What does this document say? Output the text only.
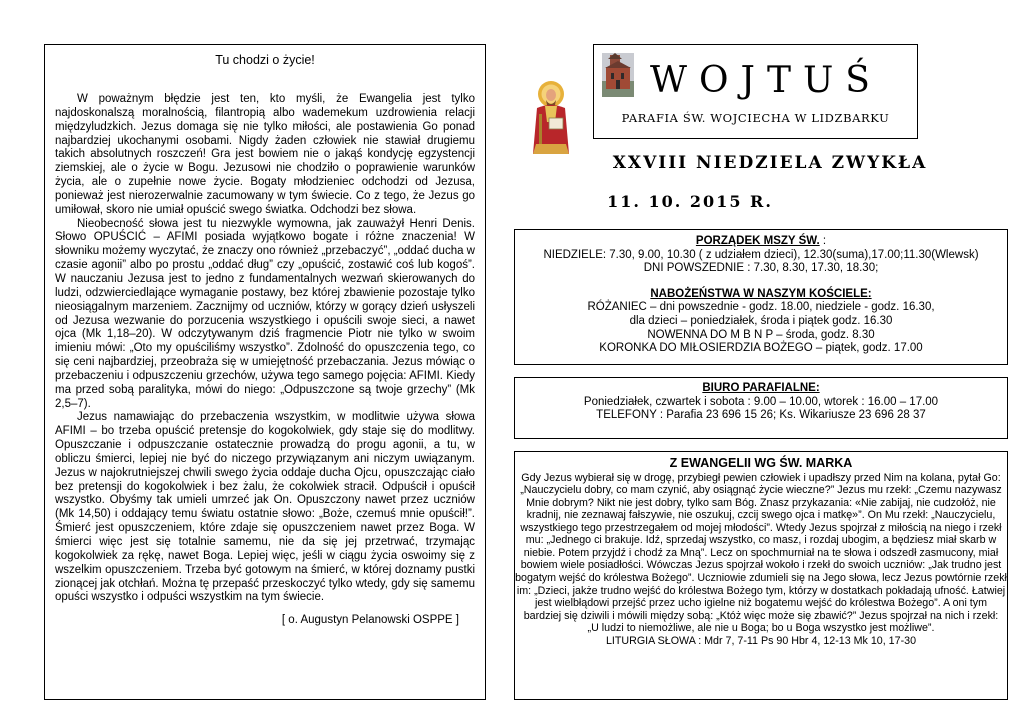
Tu chodzi o życie!

W poważnym błędzie jest ten, kto myśli, że Ewangelia jest tylko najdoskonalszą moralnością, filantropią albo wademekum uzdrowienia relacji międzyludzkich. Jezus domaga się nie tylko miłości, ale postawienia Go ponad najbardziej ukochanymi osobami. Nigdy żaden człowiek nie stawiał drugiemu takich absolutnych roszczeń! Gra jest bowiem nie o jakąś kondycję egzystencji ziemskiej, ale o życie w Bogu. Jezusowi nie chodziło o poprawienie warunków życia, ale o zupełnie nowe życie. Bogaty młodzieniec odchodzi od Jezusa, ponieważ jest nierozerwalnie zacumowany w tym świecie. Co z tego, że Jezus go umiłował, skoro nie umiał opuścić swego światka. Odchodzi bez słowa.

Nieobecność słowa jest tu niezwykle wymowna, jak zauważył Henri Denis. Słowo OPUŚCIĆ – AFIMI posiada wyjątkowo bogate i różne znaczenia! W słowniku możemy wyczytać, że znaczy ono również „przebaczyć”, „oddać ducha w czasie agonii” albo po prostu „oddać dług” czy „opuścić, zostawić coś lub kogoś”. W nauczaniu Jezusa jest to jedno z fundamentalnych wezwań skierowanych do ludzi, odzwierciedlające wymaganie postawy, bez której zbawienie pozostaje tylko nieosiągalnym marzeniem. Zacznijmy od uczniów, którzy w gorący dzień usłyszeli od Jezusa wezwanie do porzucenia wszystkiego i opuścili swoje sieci, a nawet ojca (Mk 1,18–20). W odczytywanym dziś fragmencie Piotr nie tylko w swoim imieniu mówi: „Oto my opuściliśmy wszystko”. Zdolność do opuszczenia tego, co się ceni najbardziej, przeobraża się w umiejętność przebaczania. Jezus mówiąc o przebaczeniu i odpuszczeniu grzechów, używa tego samego pojęcia: AFIMI. Kiedy ma przed sobą paralityka, mówi do niego: „Odpuszczone są twoje grzechy” (Mk 2,5–7).

Jezus namawiając do przebaczenia wszystkim, w modlitwie używa słowa AFIMI – bo trzeba opuścić pretensje do kogokolwiek, gdy staje się do modlitwy. Opuszczanie i odpuszczanie ostatecznie prowadzą do progu agonii, a tu, w obliczu śmierci, lepiej nie być do niczego przywiązanym ani niczym uwiązanym. Jezus w najokrutniejszej chwili swego życia oddaje ducha Ojcu, opuszczając ciało bez pretensji do kogokolwiek i bez żalu, że cokolwiek stracił. Odpuścił i opuścił wszystko. Obyśmy tak umieli umrzeć jak On. Opuszczony nawet przez uczniów (Mk 14,50) i oddający temu światu ostatnie słowo: „Boże, czemuś mnie opuścił!”. Śmierć jest opuszczeniem, które zdaje się opuszczeniem nawet przez Boga. W śmierci więc jest się totalnie samemu, nie da się jej przetrwać, trzymając kogokolwiek za rękę, nawet Boga. Lepiej więc, jeśli w ciągu życia oswoimy się z wszelkim opuszczeniem. Trzeba być gotowym na śmierć, w której doznamy pustki zionącej jak otchłań. Można tę przepaść przeskoczyć tylko wtedy, gdy się samemu opuści wszystko i odpuści wszystkim na tym świecie.

[ o. Augustyn Pelanowski OSPPE ]
WOJTUŚ
PARAFIA ŚW. WOJCIECHA W LIDZBARKU
XXVIII NIEDZIELA ZWYKŁA
11. 10. 2015 R.
PORZĄDEK MSZY ŚW. :
NIEDZIELE: 7.30, 9.00, 10.30 ( z udziałem dzieci), 12.30(suma),17.00;11.30(Wlewsk)
DNI POWSZEDNIE : 7.30, 8.30, 17.30, 18.30;
NABOŻEŃSTWA W NASZYM KOŚCIELE:
RÓŻANIEC – dni powszednie - godz. 18.00, niedziele - godz. 16.30,
dla dzieci – poniedziałek, środa i piątek godz. 16.30
NOWENNA DO M B N P – środa, godz. 8.30
KORONKA DO MIŁOSIERDZIA BOŻEGO – piątek, godz. 17.00
BIURO PARAFIALNE:
Poniedziałek, czwartek i sobota : 9.00 – 10.00, wtorek : 16.00 – 17.00
TELEFONY : Parafia 23 696 15 26; Ks. Wikariusze 23 696 28 37
Z EWANGELII WG ŚW. MARKA
Gdy Jezus wybierał się w drogę, przybiegł pewien człowiek i upadłszy przed Nim na kolana, pytał Go: „Nauczycielu dobry, co mam czynić, aby osiągnąć życie wieczne?” Jezus mu rzekł: „Czemu nazywasz Mnie dobrym? Nikt nie jest dobry, tylko sam Bóg. Znasz przykazania: «Nie zabijaj, nie cudzołóż, nie kradnij, nie zeznawaj fałszywie, nie oszukuj, czcij swego ojca i matkę»”. On Mu rzekł: „Nauczycielu, wszystkiego tego przestrzegałem od mojej młodości”. Wtedy Jezus spojrzał z miłością na niego i rzekł mu: „Jednego ci brakuje. Idź, sprzedaj wszystko, co masz, i rozdaj ubogim, a będziesz miał skarb w niebie. Potem przyjdź i chodź za Mną”. Lecz on spochmurniał na te słowa i odszedł zasmucony, miał bowiem wiele posiadłości. Wówczas Jezus spojrzał wokoło i rzekł do swoich uczniów: „Jak trudno jest bogatym wejść do królestwa Bożego”. Uczniowie zdumieli się na Jego słowa, lecz Jezus powtórnie rzekł im: „Dzieci, jakże trudno wejść do królestwa Bożego tym, którzy w dostatkach pokładają ufność. Łatwiej jest wielbłądowi przejść przez ucho igielne niż bogatemu wejść do królestwa Bożego”. A oni tym bardziej się dziwili i mówili między sobą: „Któż więc może się zbawić?” Jezus spojrzał na nich i rzekł:
„U ludzi to niemożliwe, ale nie u Boga; bo u Boga wszystko jest możliwe”.
LITURGIA SŁOWA : Mdr 7, 7-11 Ps 90 Hbr 4, 12-13 Mk 10, 17-30
